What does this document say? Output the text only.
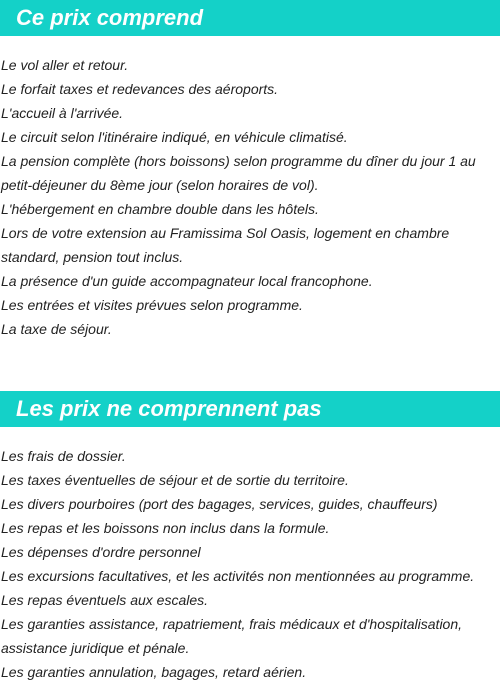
Ce prix comprend
Le vol aller et retour.
Le forfait taxes et redevances des aéroports.
L'accueil à l'arrivée.
Le circuit selon l'itinéraire indiqué, en véhicule climatisé.
La pension complète (hors boissons) selon programme du dîner du jour 1 au petit-déjeuner du 8ème jour (selon horaires de vol).
L'hébergement en chambre double dans les hôtels.
Lors de votre extension au Framissima Sol Oasis, logement en chambre standard, pension tout inclus.
La présence d'un guide accompagnateur local francophone.
Les entrées et visites prévues selon programme.
La taxe de séjour.
Les prix ne comprennent pas
Les frais de dossier.
Les taxes éventuelles de séjour et de sortie du territoire.
Les divers pourboires (port des bagages, services, guides, chauffeurs)
Les repas et les boissons non inclus dans la formule.
Les dépenses d'ordre personnel
Les excursions facultatives, et les activités non mentionnées au programme.
Les repas éventuels aux escales.
Les garanties assistance, rapatriement, frais médicaux et d'hospitalisation, assistance juridique et pénale.
Les garanties annulation, bagages, retard aérien.
